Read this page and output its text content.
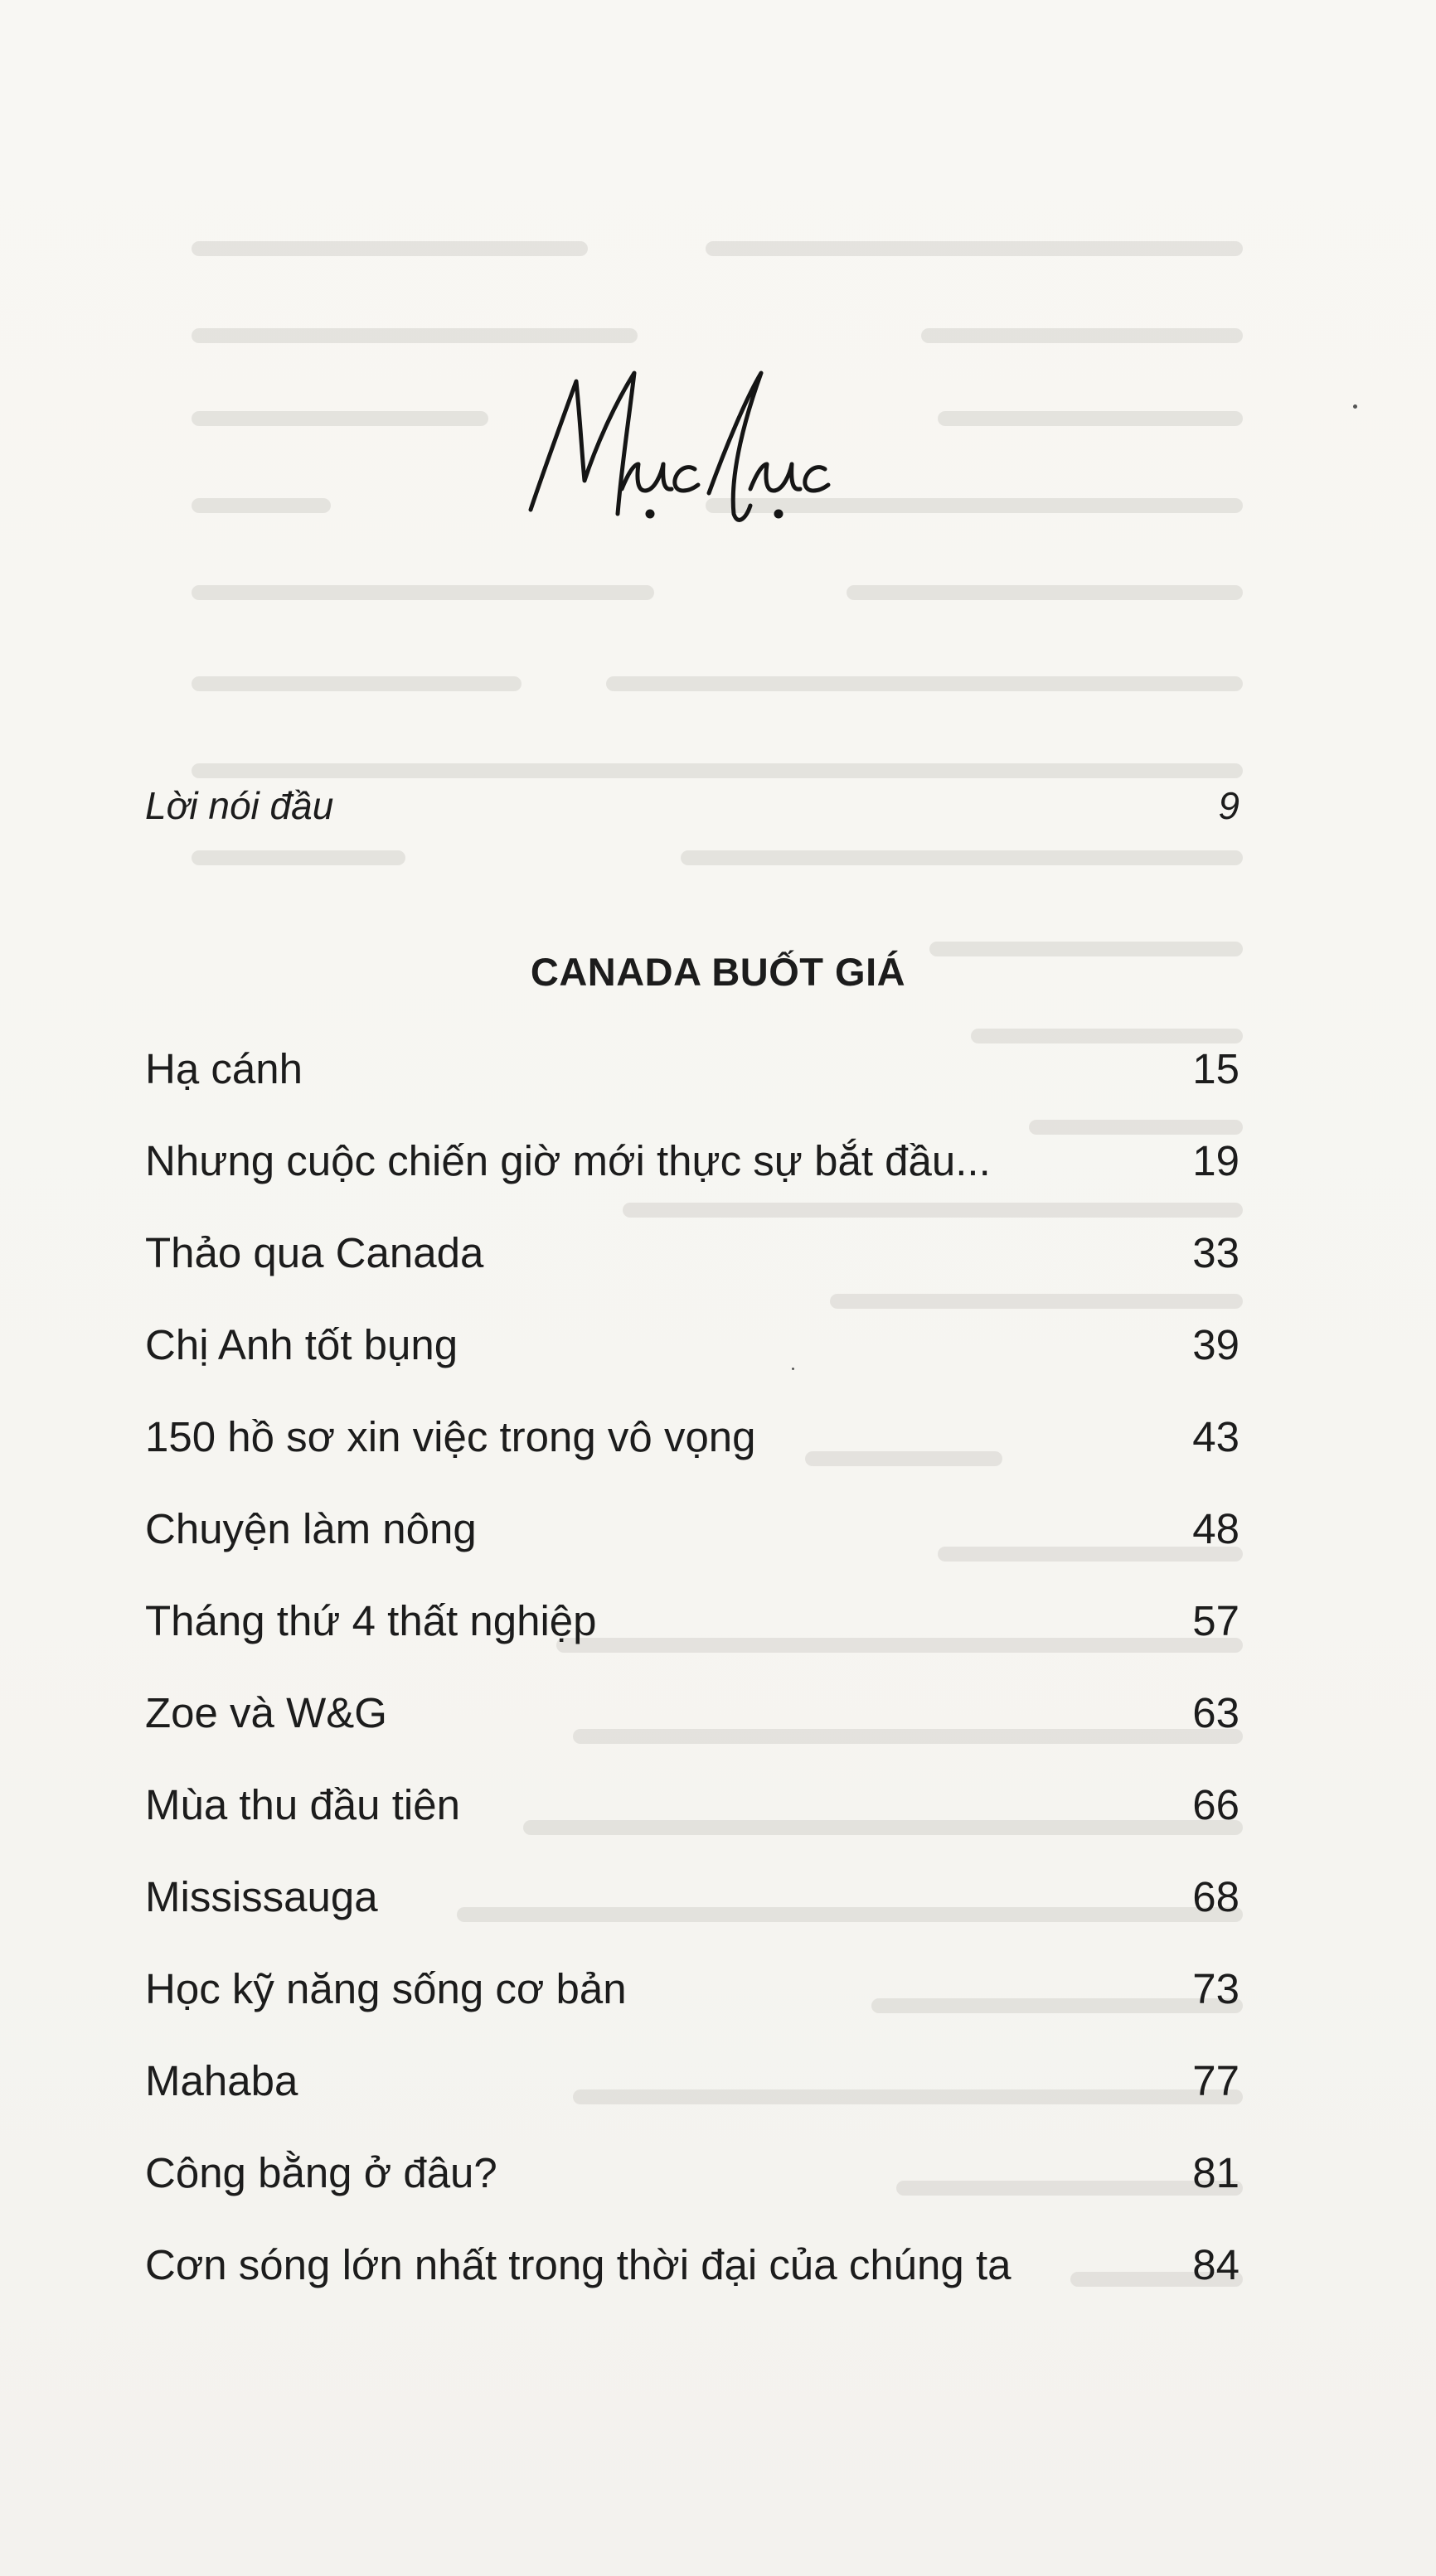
Lời nói đầu	9
CANADA BUỐT GIÁ
Hạ cánh	15
Nhưng cuộc chiến giờ mới thực sự bắt đầu...	19
Thảo qua Canada	33
Chị Anh tốt bụng	39
150 hồ sơ xin việc trong vô vọng	43
Chuyện làm nông	48
Tháng thứ 4 thất nghiệp	57
Zoe và W&G	63
Mùa thu đầu tiên	66
Mississauga	68
Học kỹ năng sống cơ bản	73
Mahaba	77
Công bằng ở đâu?	81
Cơn sóng lớn nhất trong thời đại của chúng ta	84
